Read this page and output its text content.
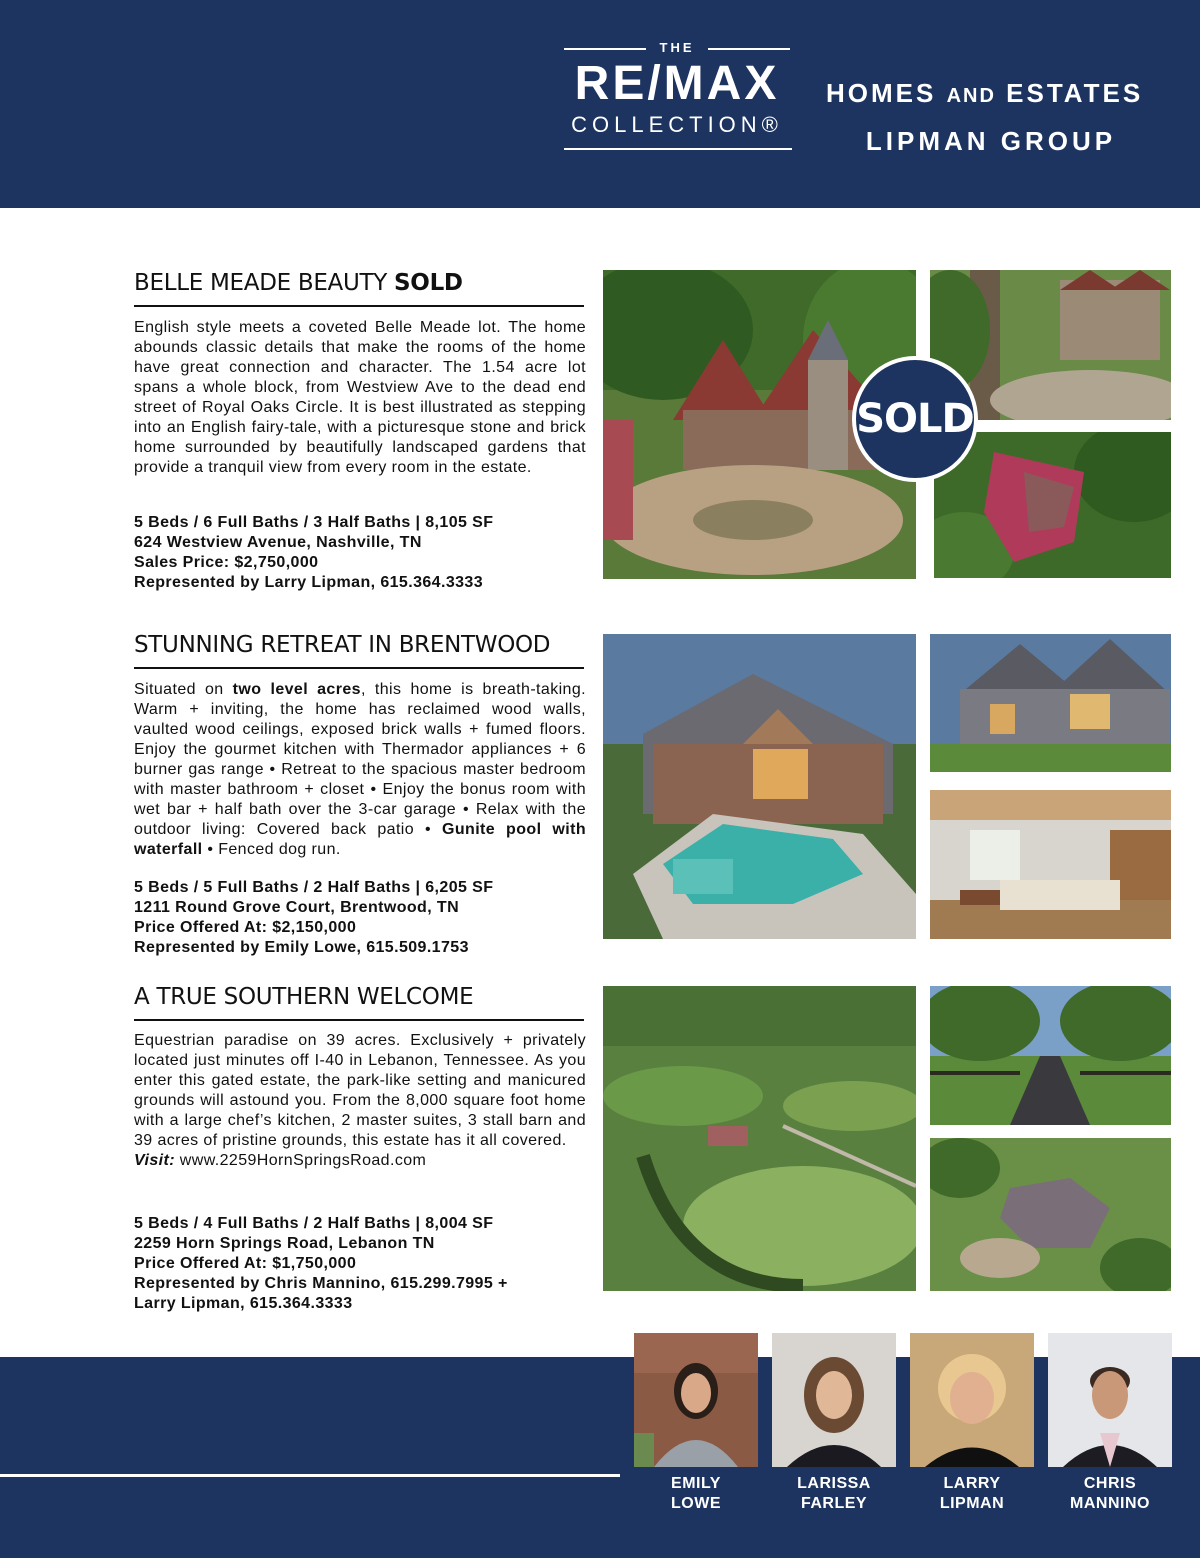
THE
RE/MAX
COLLECTION®
HOMES AND ESTATES
LIPMAN GROUP
BELLE MEADE BEAUTY SOLD
English style meets a coveted Belle Meade lot. The home abounds classic details that make the rooms of the home have great connection and character. The 1.54 acre lot spans a whole block, from Westview Ave to the dead end street of Royal Oaks Circle. It is best illustrated as stepping into an English fairy-tale, with a picturesque stone and brick home surrounded by beautifully landscaped gardens that provide a tranquil view from every room in the estate.
5 Beds / 6 Full Baths / 3 Half Baths | 8,105 SF
624 Westview Avenue, Nashville, TN
Sales Price: $2,750,000
Represented by Larry Lipman, 615.364.3333
SOLD
STUNNING RETREAT IN BRENTWOOD
Situated on two level acres, this home is breath-taking. Warm + inviting, the home has reclaimed wood walls, vaulted wood ceilings, exposed brick walls + fumed floors. Enjoy the gourmet kitchen with Thermador appliances + 6 burner gas range • Retreat to the spacious master bedroom with master bathroom + closet • Enjoy the bonus room with wet bar + half bath over the 3-car garage • Relax with the outdoor living: Covered back patio • Gunite pool with waterfall • Fenced dog run.
5 Beds / 5 Full Baths / 2 Half Baths | 6,205 SF
1211 Round Grove Court, Brentwood, TN
Price Offered At: $2,150,000
Represented by Emily Lowe, 615.509.1753
A TRUE SOUTHERN WELCOME
Equestrian paradise on 39 acres. Exclusively + privately located just minutes off I-40 in Lebanon, Tennessee. As you enter this gated estate, the park-like setting and manicured grounds will astound you. From the 8,000 square foot home with a large chef’s kitchen, 2 master suites, 3 stall barn and 39 acres of pristine grounds, this estate has it all covered.
Visit: www.2259HornSpringsRoad.com
5 Beds / 4 Full Baths / 2 Half Baths | 8,004 SF
2259 Horn Springs Road, Lebanon TN
Price Offered At: $1,750,000
Represented by Chris Mannino, 615.299.7995 +
Larry Lipman, 615.364.3333
EMILY
LOWE
LARISSA
FARLEY
LARRY
LIPMAN
CHRIS
MANNINO
